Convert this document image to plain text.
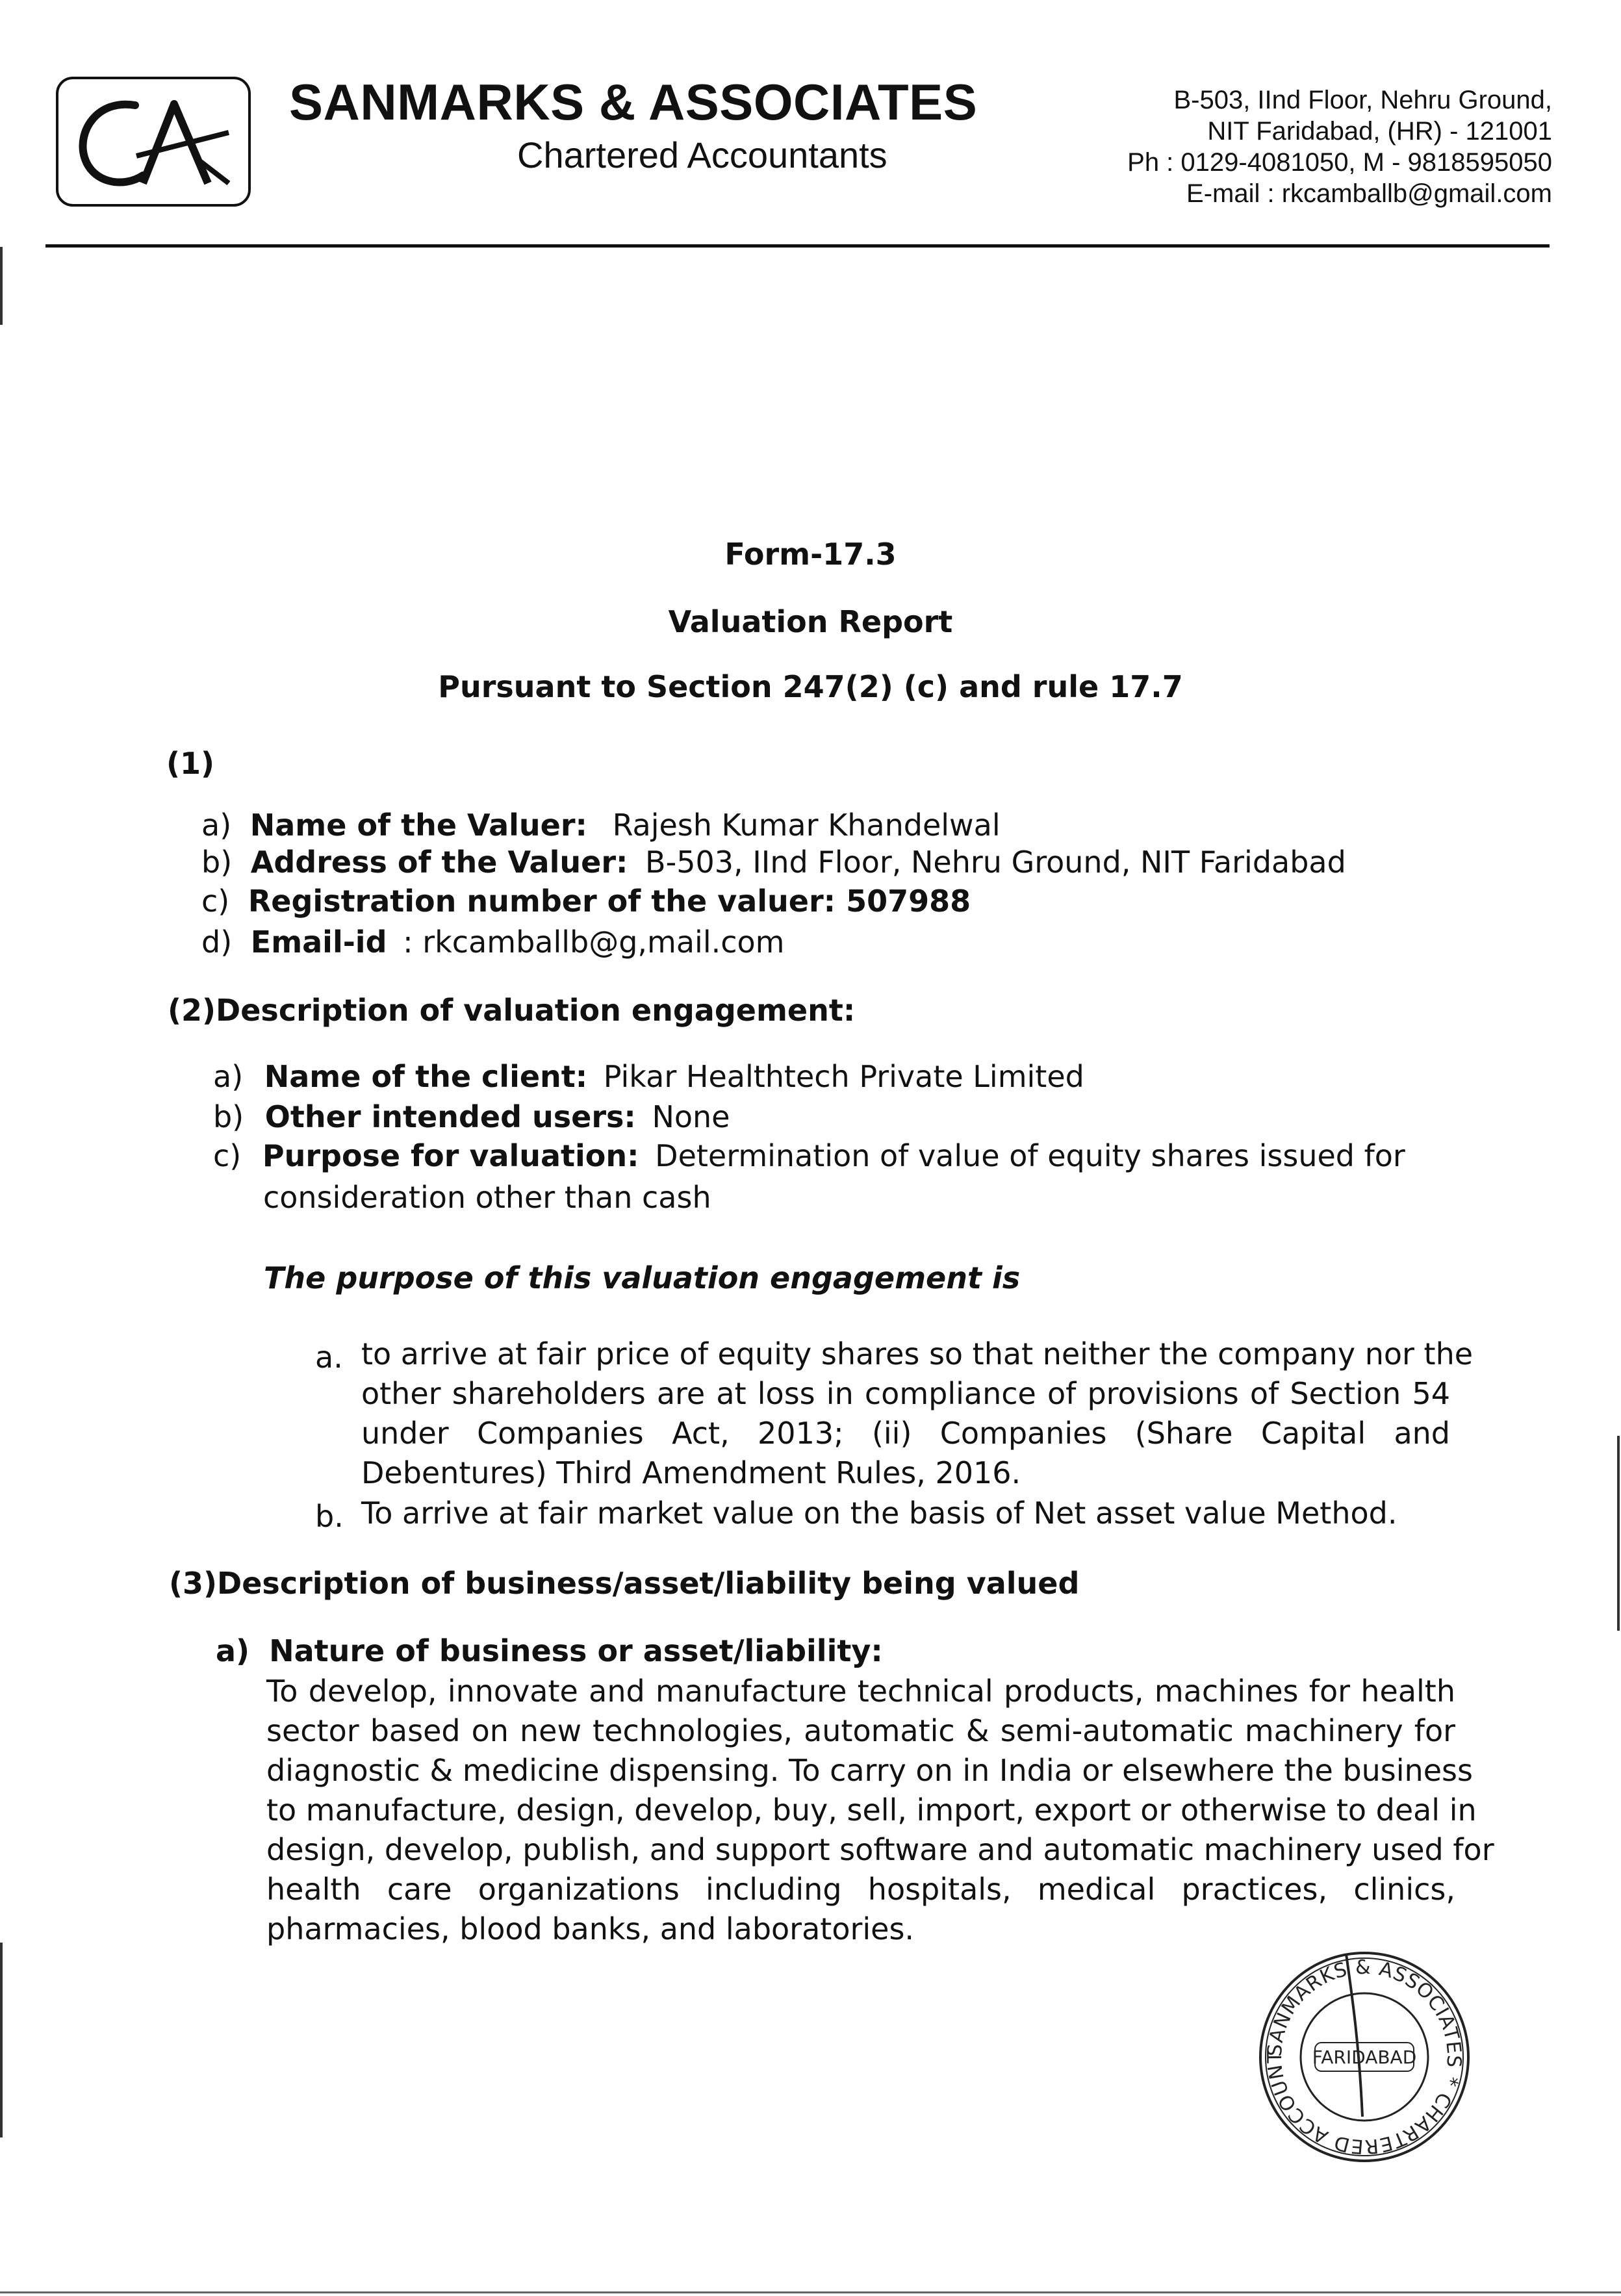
SANMARKS & ASSOCIATES
Chartered Accountants
B-503, IInd Floor, Nehru Ground,
NIT Faridabad, (HR) - 121001
Ph : 0129-4081050, M - 9818595050
E-mail : rkcamballb@gmail.com
Form-17.3
Valuation Report
Pursuant to Section 247(2) (c) and rule 17.7
(1)
a) Name of the Valuer: Rajesh Kumar Khandelwal
b) Address of the Valuer: B-503, IInd Floor, Nehru Ground, NIT Faridabad
c) Registration number of the valuer: 507988
d) Email-id : rkcamballb@g,mail.com
(2)Description of valuation engagement:
a) Name of the client: Pikar Healthtech Private Limited
b) Other intended users: None
c) Purpose for valuation: Determination of value of equity shares issued for
consideration other than cash
The purpose of this valuation engagement is
a. to arrive at fair price of equity shares so that neither the company nor the
other shareholders are at loss in compliance of provisions of Section 54
under Companies Act, 2013; (ii) Companies (Share Capital and
Debentures) Third Amendment Rules, 2016.
b. To arrive at fair market value on the basis of Net asset value Method.
(3)Description of business/asset/liability being valued
a) Nature of business or asset/liability:
To develop, innovate and manufacture technical products, machines for health
sector based on new technologies, automatic & semi-automatic machinery for
diagnostic & medicine dispensing. To carry on in India or elsewhere the business
to manufacture, design, develop, buy, sell, import, export or otherwise to deal in
design, develop, publish, and support software and automatic machinery used for
health care organizations including hospitals, medical practices, clinics,
pharmacies, blood banks, and laboratories.
SANMARKS & ASSOCIATES * CHARTERED ACCOUNT	FARIDABAD
